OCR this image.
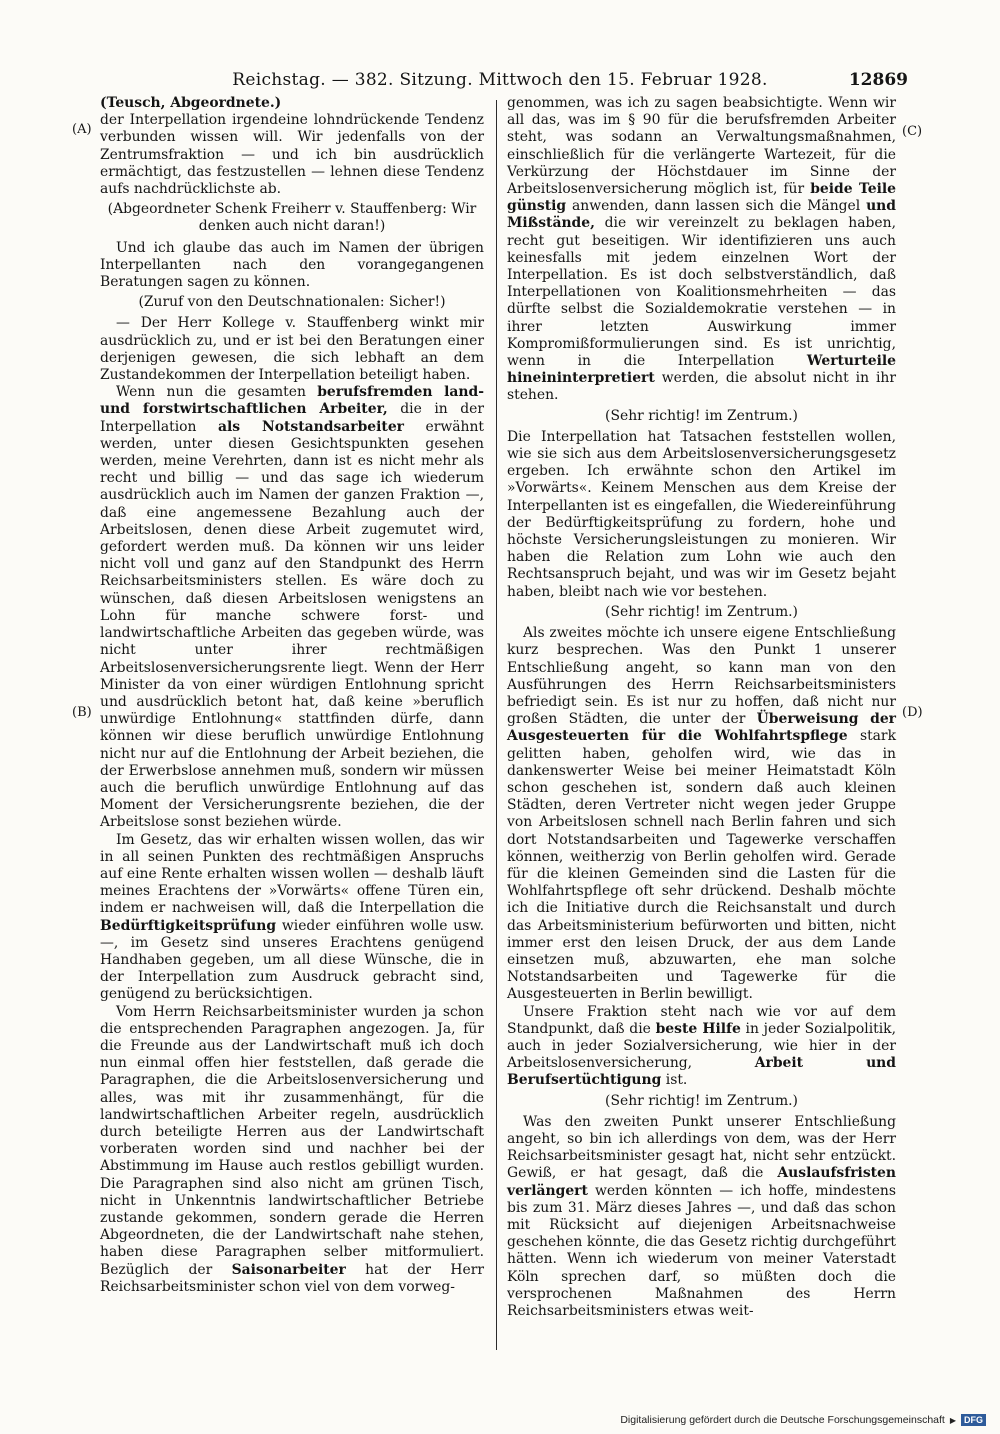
Reichstag. — 382. Sitzung. Mittwoch den 15. Februar 1928.	12869
(A)
(B)
(C)
(D)

(Teusch, Abgeordnete.)

der Interpellation irgendeine lohndrückende Tendenz verbunden wissen will. Wir jedenfalls von der Zentrumsfraktion — und ich bin ausdrücklich ermächtigt, das festzustellen — lehnen diese Tendenz aufs nachdrücklichste ab.

(Abgeordneter Schenk Freiherr v. Stauffenberg: Wir denken auch nicht daran!)

Und ich glaube das auch im Namen der übrigen Interpellanten nach den vorangegangenen Beratungen sagen zu können.

(Zuruf von den Deutschnationalen: Sicher!)

— Der Herr Kollege v. Stauffenberg winkt mir ausdrücklich zu, und er ist bei den Beratungen einer derjenigen gewesen, die sich lebhaft an dem Zustandekommen der Interpellation beteiligt haben.

Wenn nun die gesamten berufsfremden land- und forstwirtschaftlichen Arbeiter, die in der Interpellation als Notstandsarbeiter erwähnt werden, unter diesen Gesichtspunkten gesehen werden, meine Verehrten, dann ist es nicht mehr als recht und billig — und das sage ich wiederum ausdrücklich auch im Namen der ganzen Fraktion —, daß eine angemessene Bezahlung auch der Arbeitslosen, denen diese Arbeit zugemutet wird, gefordert werden muß. Da können wir uns leider nicht voll und ganz auf den Standpunkt des Herrn Reichsarbeitsministers stellen. Es wäre doch zu wünschen, daß diesen Arbeitslosen wenigstens an Lohn für manche schwere forst- und landwirtschaftliche Arbeiten das gegeben würde, was nicht unter ihrer rechtmäßigen Arbeitslosenversicherungsrente liegt. Wenn der Herr Minister da von einer würdigen Entlohnung spricht und ausdrücklich betont hat, daß keine »beruflich unwürdige Entlohnung« stattfinden dürfe, dann können wir diese beruflich unwürdige Entlohnung nicht nur auf die Entlohnung der Arbeit beziehen, die der Erwerbslose annehmen muß, sondern wir müssen auch die beruflich unwürdige Entlohnung auf das Moment der Versicherungsrente beziehen, die der Arbeitslose sonst beziehen würde.

Im Gesetz, das wir erhalten wissen wollen, das wir in all seinen Punkten des rechtmäßigen Anspruchs auf eine Rente erhalten wissen wollen — deshalb läuft meines Erachtens der »Vorwärts« offene Türen ein, indem er nachweisen will, daß die Interpellation die Bedürftigkeitsprüfung wieder einführen wolle usw. —, im Gesetz sind unseres Erachtens genügend Handhaben gegeben, um all diese Wünsche, die in der Interpellation zum Ausdruck gebracht sind, genügend zu berücksichtigen.

Vom Herrn Reichsarbeitsminister wurden ja schon die entsprechenden Paragraphen angezogen. Ja, für die Freunde aus der Landwirtschaft muß ich doch nun einmal offen hier feststellen, daß gerade die Paragraphen, die die Arbeitslosenversicherung und alles, was mit ihr zusammenhängt, für die landwirtschaftlichen Arbeiter regeln, ausdrücklich durch beteiligte Herren aus der Landwirtschaft vorberaten worden sind und nachher bei der Abstimmung im Hause auch restlos gebilligt wurden. Die Paragraphen sind also nicht am grünen Tisch, nicht in Unkenntnis landwirtschaftlicher Betriebe zustande gekommen, sondern gerade die Herren Abgeordneten, die der Landwirtschaft nahe stehen, haben diese Paragraphen selber mitformuliert. Bezüglich der Saisonarbeiter hat der Herr Reichsarbeitsminister schon viel von dem vorweg-

genommen, was ich zu sagen beabsichtigte. Wenn wir all das, was im § 90 für die berufsfremden Arbeiter steht, was sodann an Verwaltungsmaßnahmen, einschließlich für die verlängerte Wartezeit, für die Verkürzung der Höchstdauer im Sinne der Arbeitslosenversicherung möglich ist, für beide Teile günstig anwenden, dann lassen sich die Mängel und Mißstände, die wir vereinzelt zu beklagen haben, recht gut beseitigen. Wir identifizieren uns auch keinesfalls mit jedem einzelnen Wort der Interpellation. Es ist doch selbstverständlich, daß Interpellationen von Koalitionsmehrheiten — das dürfte selbst die Sozialdemokratie verstehen — in ihrer letzten Auswirkung immer Kompromißformulierungen sind. Es ist unrichtig, wenn in die Interpellation Werturteile hineininterpretiert werden, die absolut nicht in ihr stehen.

(Sehr richtig! im Zentrum.)

Die Interpellation hat Tatsachen feststellen wollen, wie sie sich aus dem Arbeitslosenversicherungsgesetz ergeben. Ich erwähnte schon den Artikel im »Vorwärts«. Keinem Menschen aus dem Kreise der Interpellanten ist es eingefallen, die Wiedereinführung der Bedürftigkeitsprüfung zu fordern, hohe und höchste Versicherungsleistungen zu monieren. Wir haben die Relation zum Lohn wie auch den Rechtsanspruch bejaht, und was wir im Gesetz bejaht haben, bleibt nach wie vor bestehen.

(Sehr richtig! im Zentrum.)

Als zweites möchte ich unsere eigene Entschließung kurz besprechen. Was den Punkt 1 unserer Entschließung angeht, so kann man von den Ausführungen des Herrn Reichsarbeitsministers befriedigt sein. Es ist nur zu hoffen, daß nicht nur großen Städten, die unter der Überweisung der Ausgesteuerten für die Wohlfahrtspflege stark gelitten haben, geholfen wird, wie das in dankenswerter Weise bei meiner Heimatstadt Köln schon geschehen ist, sondern daß auch kleinen Städten, deren Vertreter nicht wegen jeder Gruppe von Arbeitslosen schnell nach Berlin fahren und sich dort Notstandsarbeiten und Tagewerke verschaffen können, weitherzig von Berlin geholfen wird. Gerade für die kleinen Gemeinden sind die Lasten für die Wohlfahrtspflege oft sehr drückend. Deshalb möchte ich die Initiative durch die Reichsanstalt und durch das Arbeitsministerium befürworten und bitten, nicht immer erst den leisen Druck, der aus dem Lande einsetzen muß, abzuwarten, ehe man solche Notstandsarbeiten und Tagewerke für die Ausgesteuerten in Berlin bewilligt.

Unsere Fraktion steht nach wie vor auf dem Standpunkt, daß die beste Hilfe in jeder Sozialpolitik, auch in jeder Sozialversicherung, wie hier in der Arbeitslosenversicherung, Arbeit und Berufsertüchtigung ist.

(Sehr richtig! im Zentrum.)

Was den zweiten Punkt unserer Entschließung angeht, so bin ich allerdings von dem, was der Herr Reichsarbeitsminister gesagt hat, nicht sehr entzückt. Gewiß, er hat gesagt, daß die Auslaufsfristen verlängert werden könnten — ich hoffe, mindestens bis zum 31. März dieses Jahres —, und daß das schon mit Rücksicht auf diejenigen Arbeitsnachweise geschehen könnte, die das Gesetz richtig durchgeführt hätten. Wenn ich wiederum von meiner Vaterstadt Köln sprechen darf, so müßten doch die versprochenen Maßnahmen des Herrn Reichsarbeitsministers etwas weit-

Digitalisierung gefördert durch die Deutsche Forschungsgemeinschaft ▶ DFG
